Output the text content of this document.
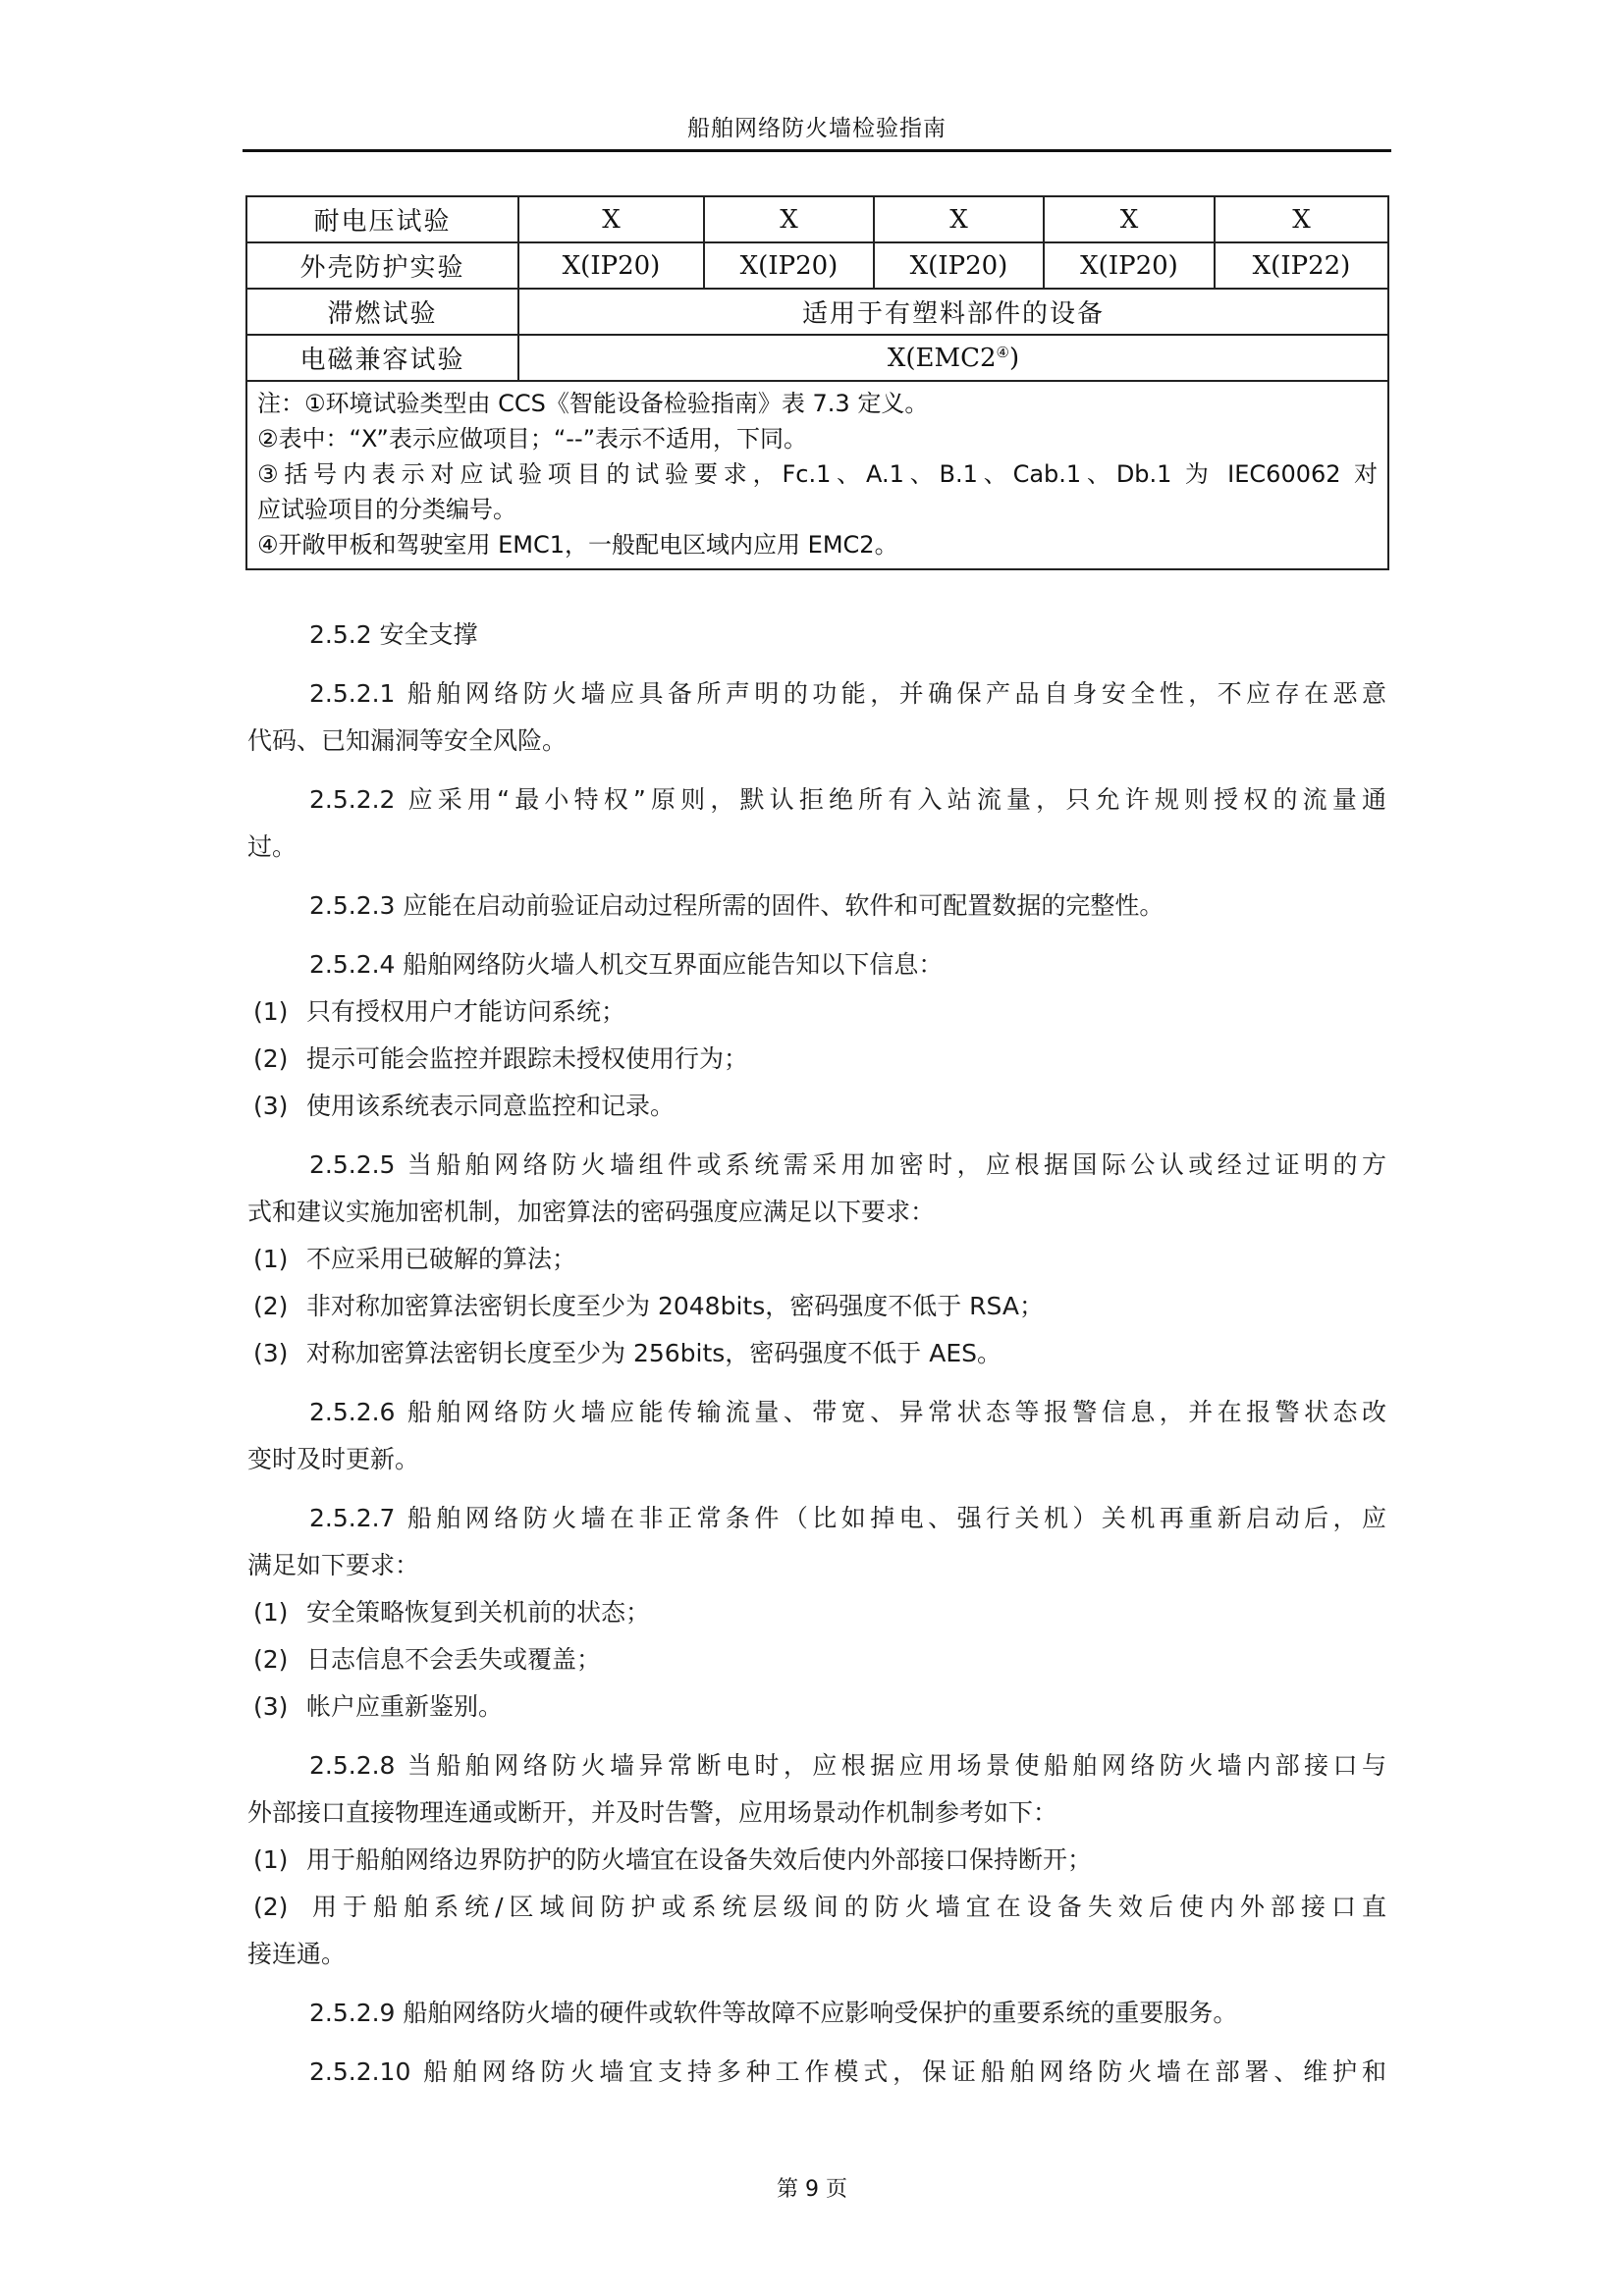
船舶网络防火墙检验指南
耐电压试验	X	X	X	X	X
外壳防护实验	X(IP20)	X(IP20)	X(IP20)	X(IP20)	X(IP22)
滞燃试验	适用于有塑料部件的设备				
电磁兼容试验	X(EMC2④)				

注：①环境试验类型由 CCS《智能设备检验指南》表 7.3 定义。
②表中：“X”表示应做项目；“--”表示不适用，下同。
③括号内表示对应试验项目的试验要求，Fc.1、A.1、B.1、Cab.1、Db.1 为 IEC60062 对
应试验项目的分类编号。
④开敞甲板和驾驶室用 EMC1，一般配电区域内应用 EMC2。					
2.5.2 安全支撑
2.5.2.1 船舶网络防火墙应具备所声明的功能，并确保产品自身安全性，不应存在恶意
代码、已知漏洞等安全风险。
2.5.2.2 应采用“最小特权”原则，默认拒绝所有入站流量，只允许规则授权的流量通
过。
2.5.2.3 应能在启动前验证启动过程所需的固件、软件和可配置数据的完整性。
2.5.2.4 船舶网络防火墙人机交互界面应能告知以下信息：
(1) 只有授权用户才能访问系统；
(2) 提示可能会监控并跟踪未授权使用行为；
(3) 使用该系统表示同意监控和记录。
2.5.2.5 当船舶网络防火墙组件或系统需采用加密时，应根据国际公认或经过证明的方
式和建议实施加密机制，加密算法的密码强度应满足以下要求：
(1) 不应采用已破解的算法；
(2) 非对称加密算法密钥长度至少为 2048bits，密码强度不低于 RSA；
(3) 对称加密算法密钥长度至少为 256bits，密码强度不低于 AES。
2.5.2.6 船舶网络防火墙应能传输流量、带宽、异常状态等报警信息，并在报警状态改
变时及时更新。
2.5.2.7 船舶网络防火墙在非正常条件（比如掉电、强行关机）关机再重新启动后，应
满足如下要求：
(1) 安全策略恢复到关机前的状态；
(2) 日志信息不会丢失或覆盖；
(3) 帐户应重新鉴别。
2.5.2.8 当船舶网络防火墙异常断电时，应根据应用场景使船舶网络防火墙内部接口与
外部接口直接物理连通或断开，并及时告警，应用场景动作机制参考如下：
(1) 用于船舶网络边界防护的防火墙宜在设备失效后使内外部接口保持断开；
(2) 用于船舶系统/区域间防护或系统层级间的防火墙宜在设备失效后使内外部接口直
接连通。
2.5.2.9 船舶网络防火墙的硬件或软件等故障不应影响受保护的重要系统的重要服务。
2.5.2.10 船舶网络防火墙宜支持多种工作模式，保证船舶网络防火墙在部署、维护和
第 9 页
